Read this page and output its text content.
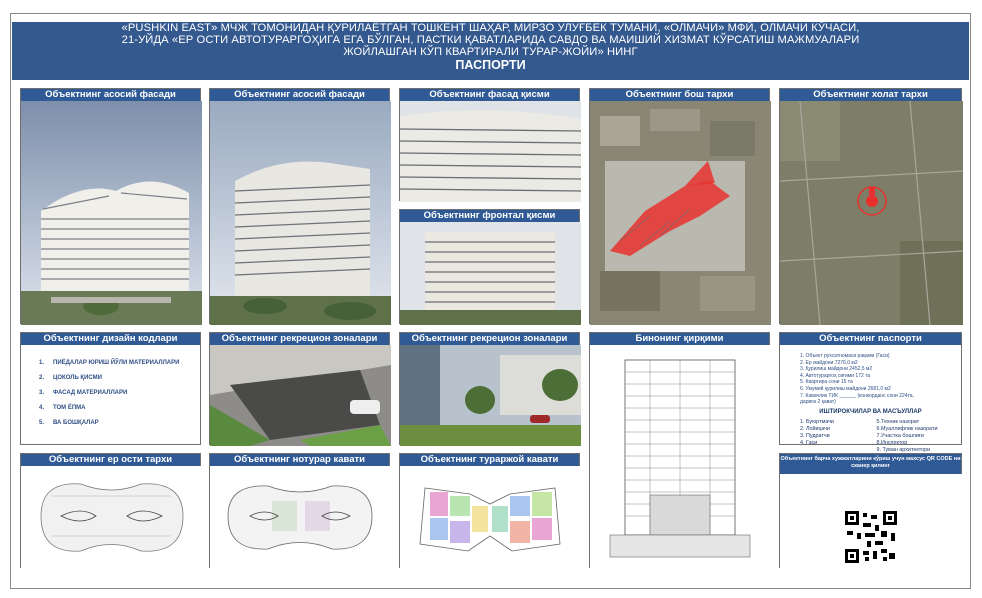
«PUSHKIN EAST» МЧЖ ТОМОНИДАН ҚУРИЛАЁТГАН ТОШКЕНТ ШАҲАР, МИРЗО УЛУҒБЕК ТУМАНИ, «ОЛМАЧИ» МФЙ, ОЛМАЧИ КЎЧАСИ,
21-УЙДА «ЕР ОСТИ АВТОТУРАРГОҲИГА ЕГА БЎЛГАН, ПАСТКИ ҚАВАТЛАРИДА САВДО ВА МАИШИЙ ХИЗМАТ КЎРСАТИШ МАЖМУАЛАРИ
ЖОЙЛАШГАН КЎП КВАРТИРАЛИ ТУРАР-ЖОЙИ» НИНГ
ПАСПОРТИ
Объектнинг асосий фасади	Объектнинг асосий фасади	Объектнинг фасад қисми
Объектнинг фронтал қисми
Объектнинг бош тархи	Объектнинг холат тархи
Объектнинг дизайн кодлари
1. ПИЁДАЛАР ЮРИШ ЙЎЛИ МАТЕРИАЛЛАРИ
2. ЦОКОЛЬ ҚИСМИ
3. ФАСАД МАТЕРИАЛЛАРИ
4. ТОМ ЁПМА
5. ВА БОШҚАЛАР
Объектнинг рекрецион зоналари	Объектнинг рекрецион зоналари	Бинонинг қирқими	Объектнинг паспорти
1. Объект рухсатномаси рақами (Гаси)
2. Ер майдони 7276,0 м2
3. Қурилиш майдони 2452,5 м2
4. Автотураргоҳ сиғими 172 та
5. Квартира сони 15 та
6. Умумий қурилиш майдони 2681,0 м2
7. Кавачлик ТИК ______ (конкорданс сони 224та,
дарвоз 2 қават)
ИШТИРОКЧИЛАР ВА МАСЪУЛЛАР
1. Буюртмачи
2. Лойиҳачи
3. Пудратчи
4. Гаси
5.Техник назорат
6.Муаллифлик назорати
7.Участка бошлиғи
8.Инспектор
9. Туман архитектори
Объектнинг ер ости тархи	Объектнинг нотурар кавати	Объектнинг тураржой кавати	Объектнинг барча хужжатларини кўриш учун махсус QR CODE ни сканер қилинг
